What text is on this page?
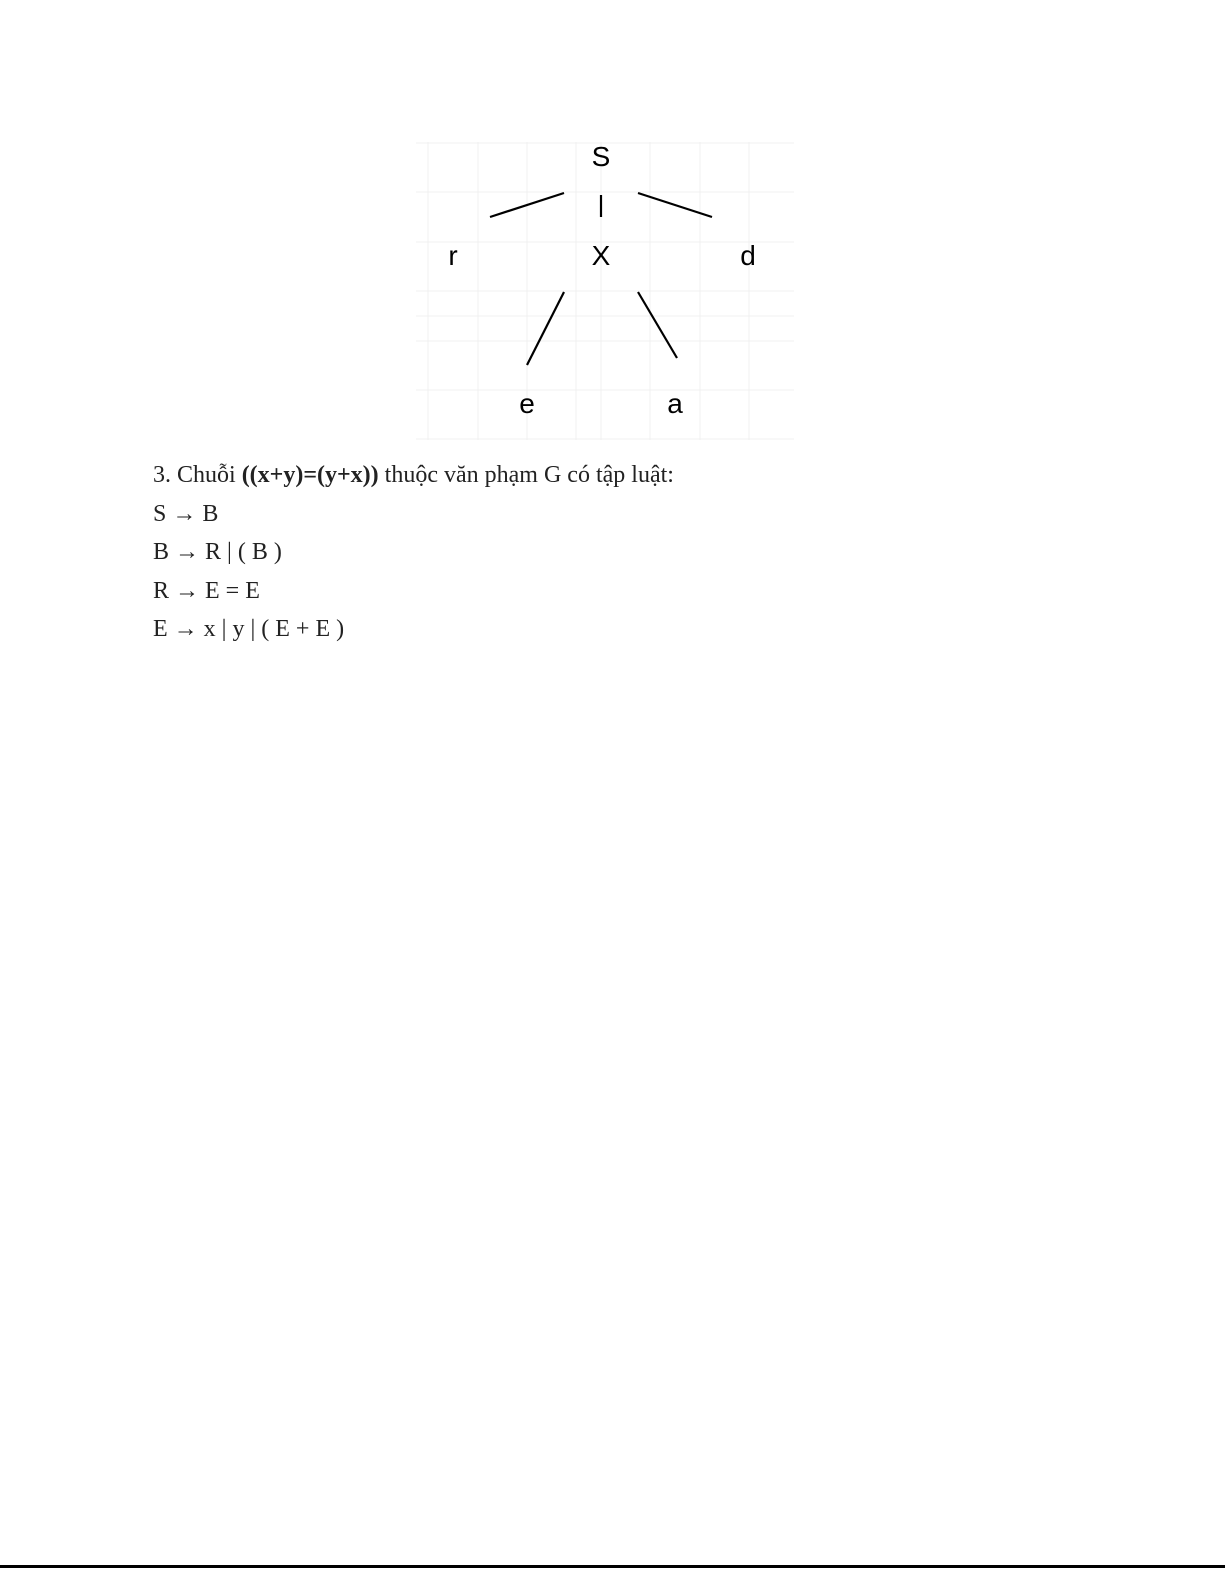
S
r	X	d
e	a
3. Chuỗi ((x+y)=(y+x)) thuộc văn phạm G có tập luật:
S → B
B → R | ( B )
R → E = E
E → x | y | ( E + E )
